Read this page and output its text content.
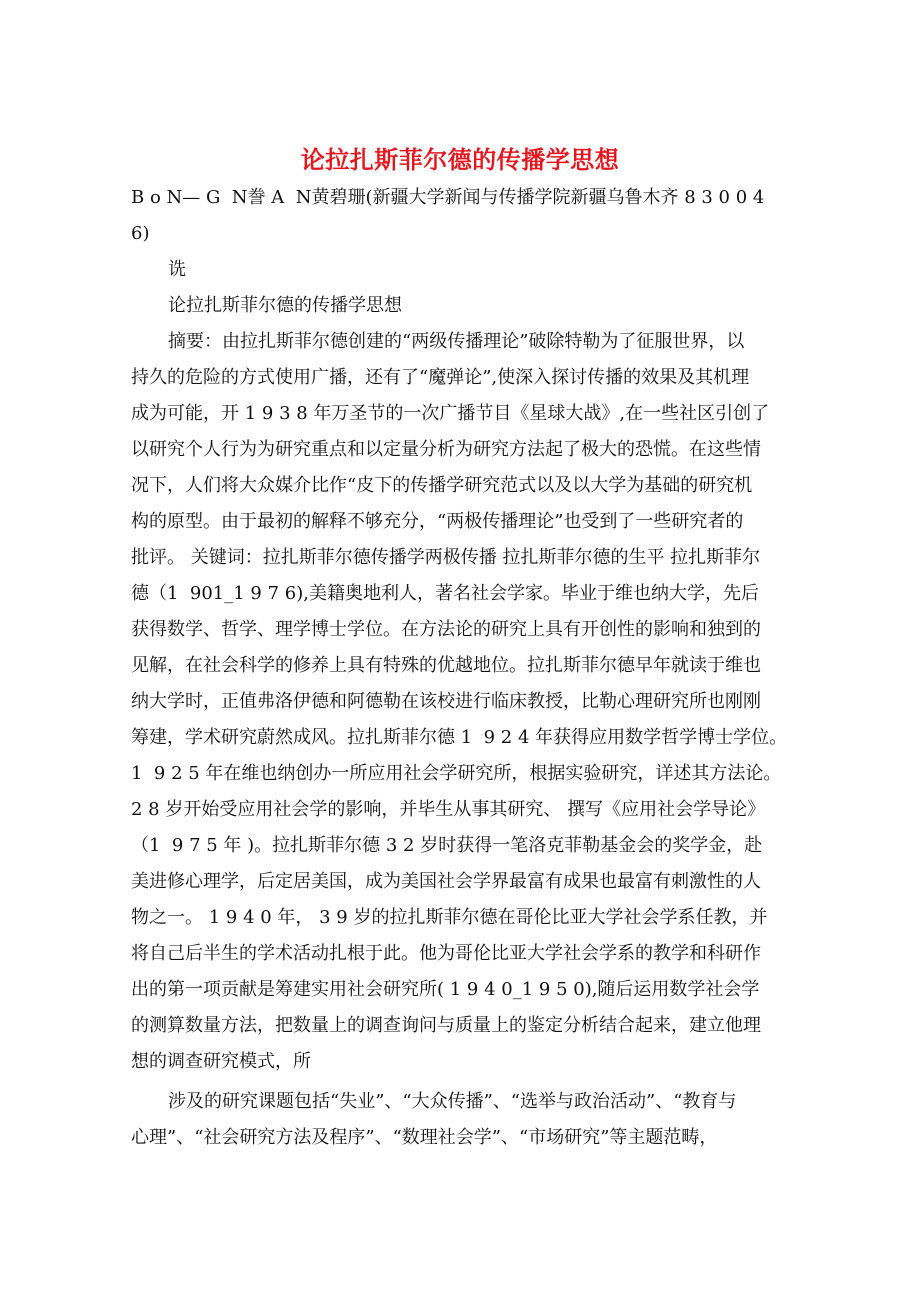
论拉扎斯菲尔德的传播学思想
B o N— G  N誊 A  N黄碧珊(新疆大学新闻与传播学院新疆乌鲁木齐 8 3 0 0 4
6)
诜
论拉扎斯菲尔德的传播学思想
摘要：由拉扎斯菲尔德创建的“两级传播理论”破除特勒为了征服世界，以
持久的危险的方式使用广播，还有了“魔弹论”,使深入探讨传播的效果及其机理
成为可能，开 1 9 3 8 年万圣节的一次广播节目《星球大战》,在一些社区引创了
以研究个人行为为研究重点和以定量分析为研究方法起了极大的恐慌。在这些情
况下，人们将大众媒介比作“皮下的传播学研究范式以及以大学为基础的研究机
构的原型。由于最初的解释不够充分，“两极传播理论”也受到了一些研究者的
批评。 关键词：拉扎斯菲尔德传播学两极传播 拉扎斯菲尔德的生平 拉扎斯菲尔
德（1  901_1 9 7 6),美籍奥地利人，著名社会学家。毕业于维也纳大学，先后
获得数学、哲学、理学博士学位。在方法论的研究上具有开创性的影响和独到的
见解，在社会科学的修养上具有特殊的优越地位。拉扎斯菲尔德早年就读于维也
纳大学时，正值弗洛伊德和阿德勒在该校进行临床教授，比勒心理研究所也刚刚
筹建，学术研究蔚然成风。拉扎斯菲尔德 1  9 2 4 年获得应用数学哲学博士学位。
1  9 2 5 年在维也纳创办一所应用社会学研究所，根据实验研究，详述其方法论。
2 8 岁开始受应用社会学的影响，并毕生从事其研究、 撰写《应用社会学导论》
（1  9 7 5 年 )。拉扎斯菲尔德 3 2 岁时获得一笔洛克菲勒基金会的奖学金，赴
美进修心理学，后定居美国，成为美国社会学界最富有成果也最富有刺激性的人
物之一。 1 9 4 0 年， 3 9 岁的拉扎斯菲尔德在哥伦比亚大学社会学系任教，并
将自己后半生的学术活动扎根于此。他为哥伦比亚大学社会学系的教学和科研作
出的第一项贡献是筹建实用社会研究所( 1 9 4 0_1 9 5 0),随后运用数学社会学
的测算数量方法，把数量上的调查询问与质量上的鉴定分析结合起来，建立他理
想的调查研究模式，所
涉及的研究课题包括“失业”、“大众传播”、“选举与政治活动”、“教育与
心理”、“社会研究方法及程序”、“数理社会学”、“市场研究”等主题范畴，
